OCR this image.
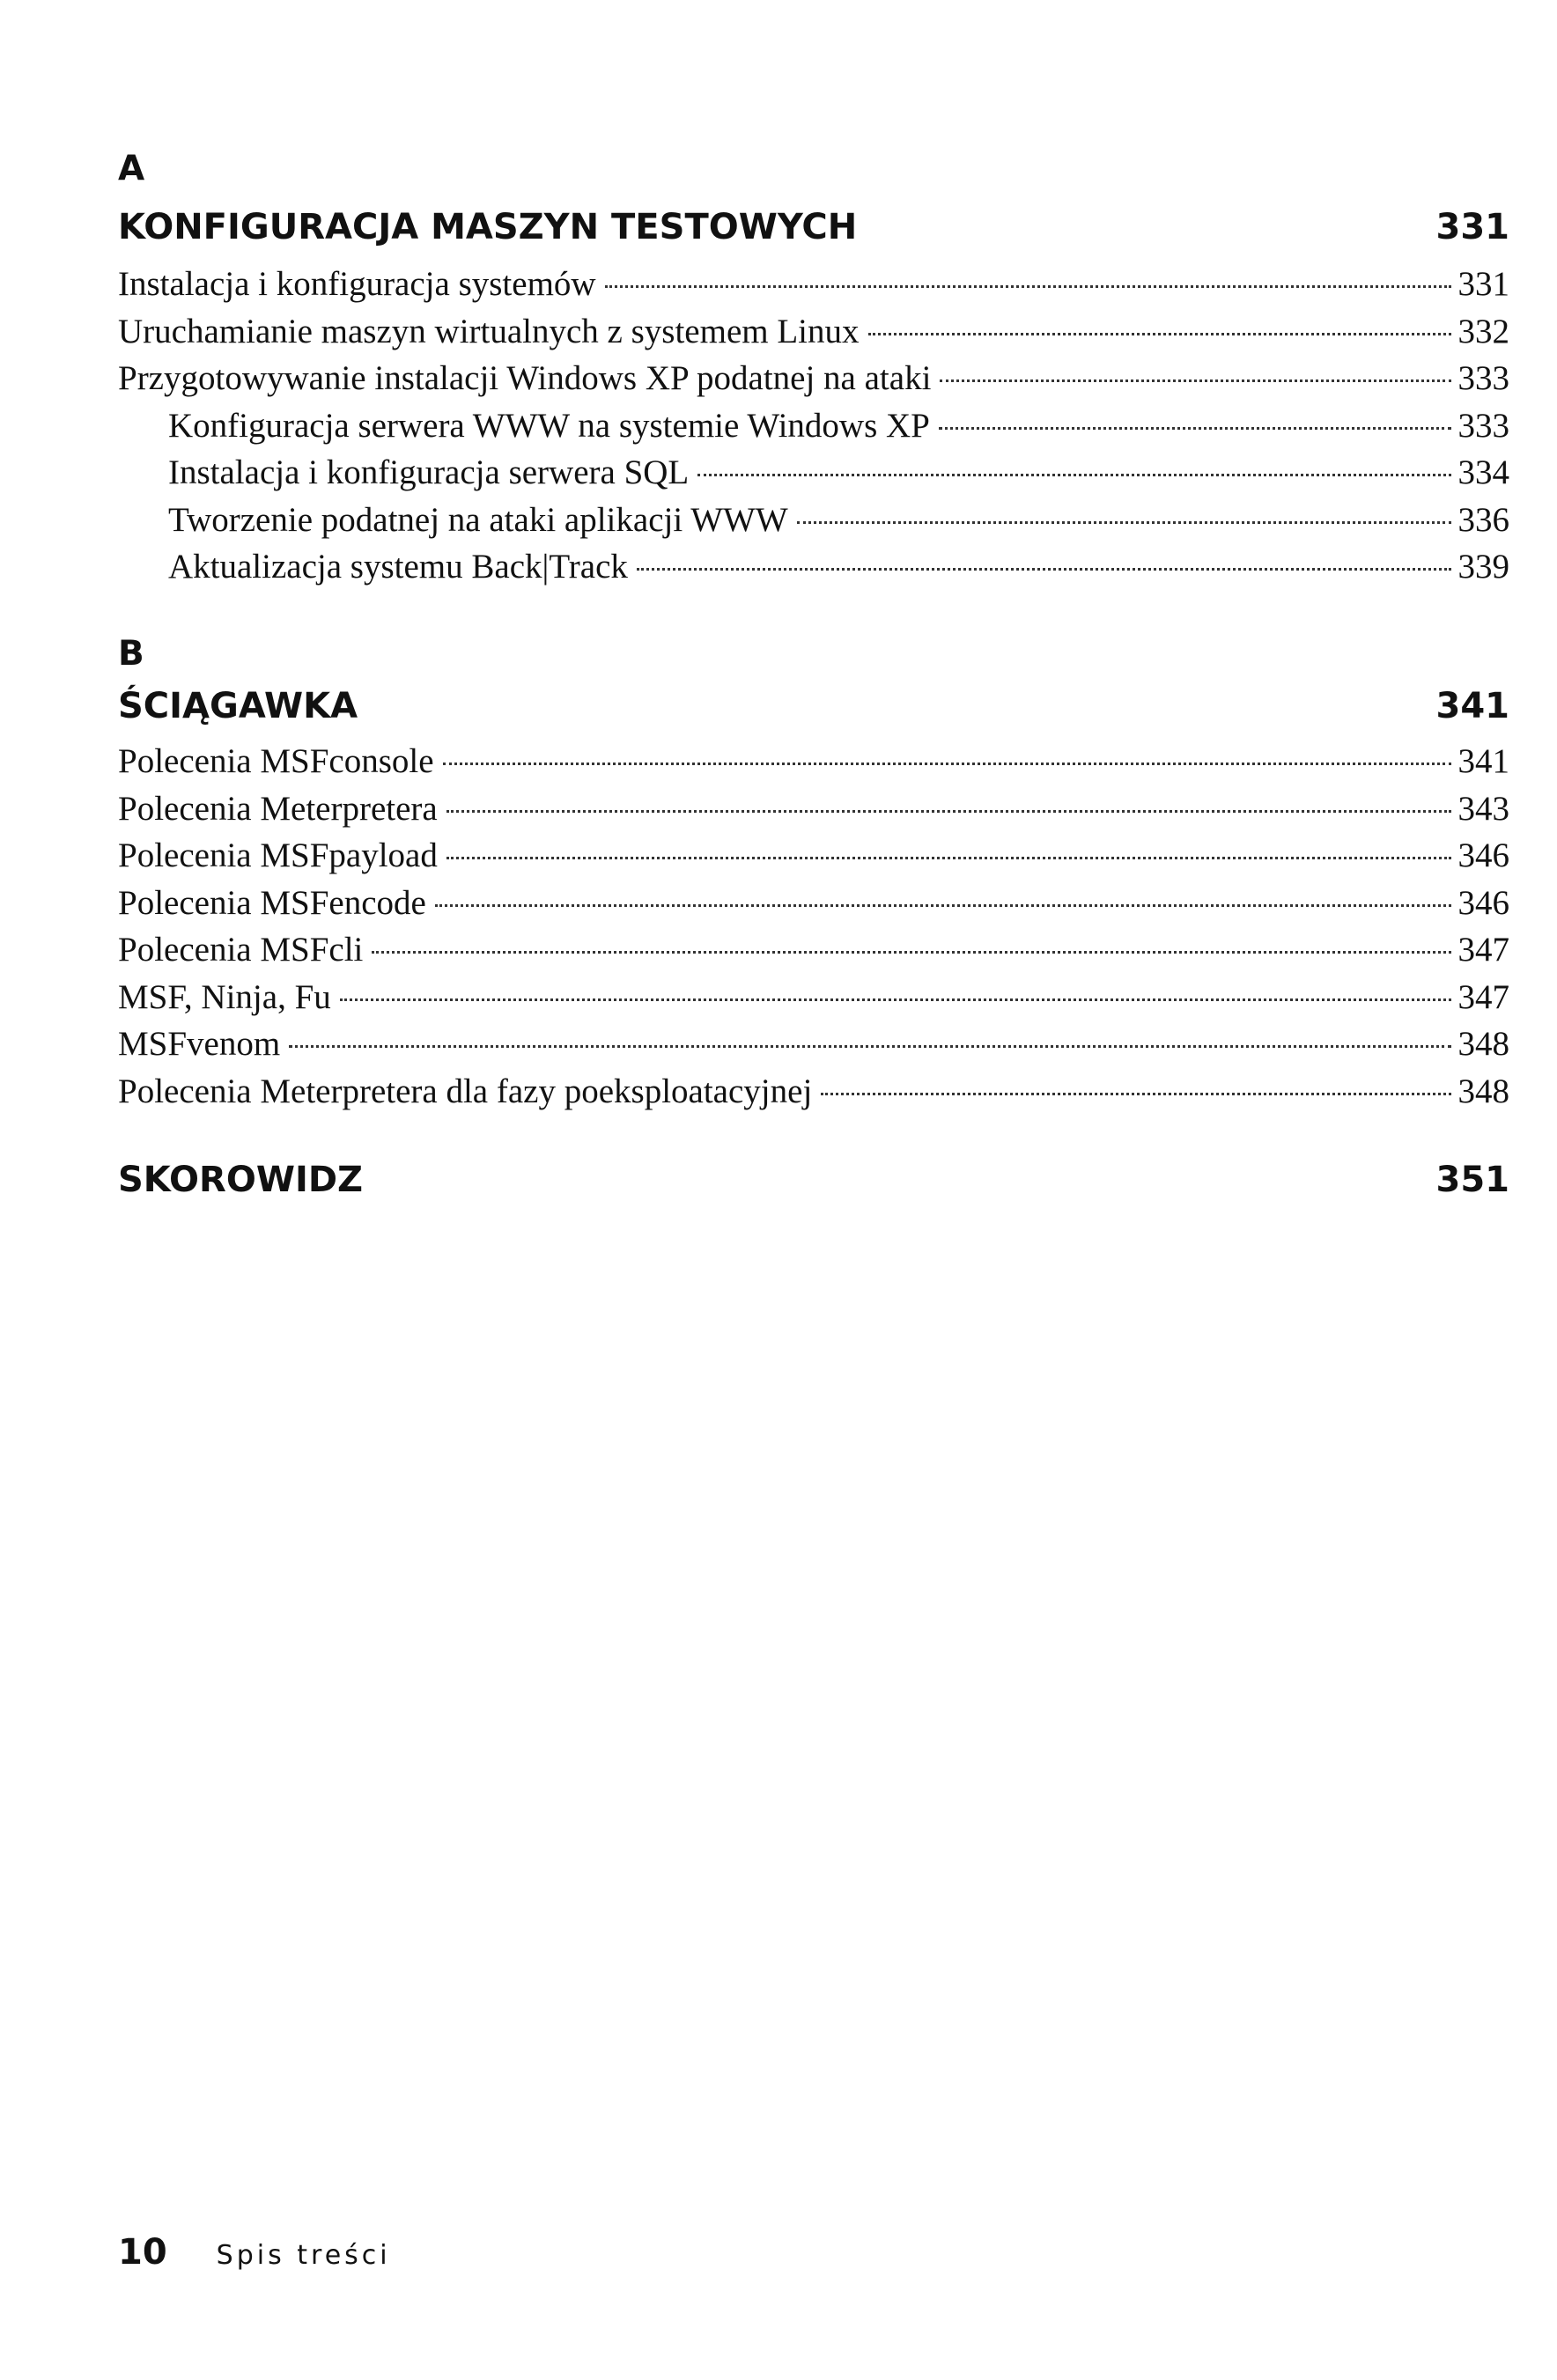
A
KONFIGURACJA MASZYN TESTOWYCH	331
Instalacja i konfiguracja systemów	331
Uruchamianie maszyn wirtualnych z systemem Linux	332
Przygotowywanie instalacji Windows XP podatnej na ataki	333
Konfiguracja serwera WWW na systemie Windows XP	333
Instalacja i konfiguracja serwera SQL	334
Tworzenie podatnej na ataki aplikacji WWW	336
Aktualizacja systemu Back|Track	339
B
ŚCIĄGAWKA	341
Polecenia MSFconsole	341
Polecenia Meterpretera	343
Polecenia MSFpayload	346
Polecenia MSFencode	346
Polecenia MSFcli	347
MSF, Ninja, Fu	347
MSFvenom	348
Polecenia Meterpretera dla fazy poeksploatacyjnej	348
SKOROWIDZ	351
10 Spis treści
